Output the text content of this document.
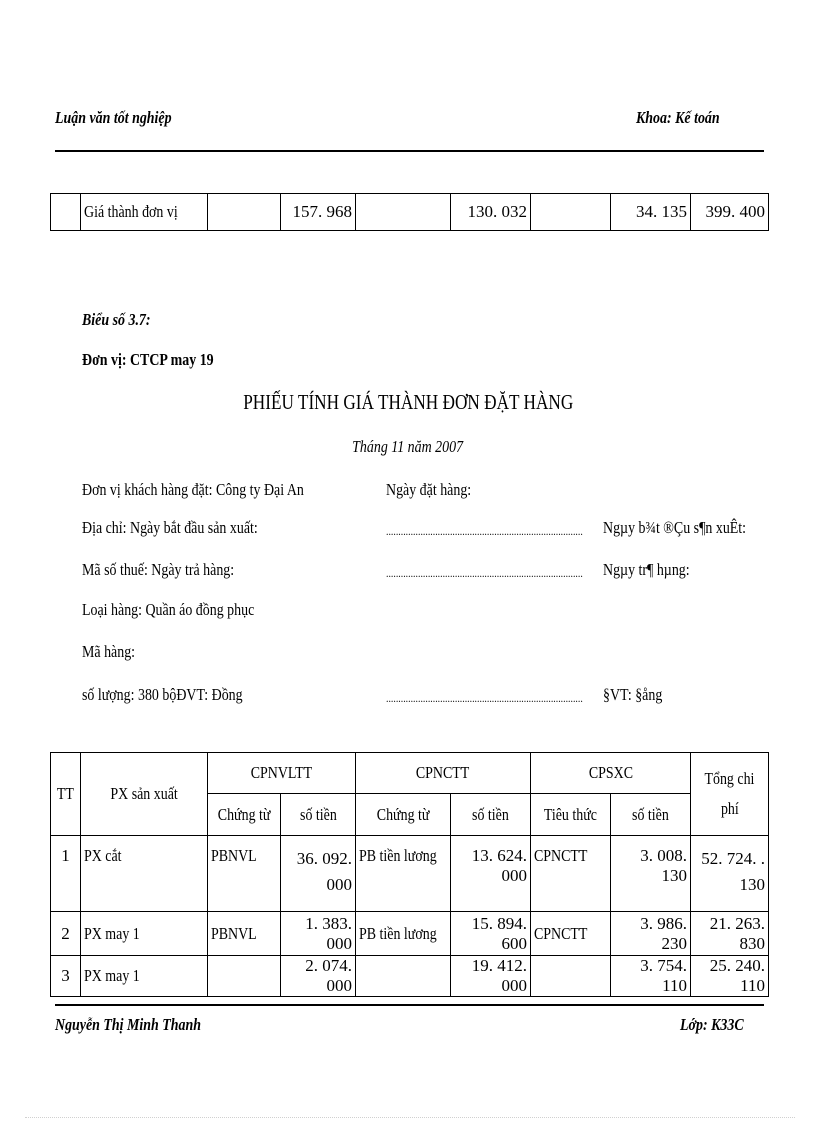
Luận văn tốt nghiệp	Khoa: Kế toán
	Giá thành đơn vị		157. 968		130. 032		34. 135	399. 400
Biểu số 3.7:
Đơn vị: CTCP may 19
PHIẾU TÍNH GIÁ THÀNH ĐƠN ĐẶT HÀNG
Tháng 11 năm 2007
Đơn vị khách hàng đặt: Công ty Đại An	Ngày đặt hàng:
Địa chỉ: Ngày bắt đầu sản xuất:	................................................................................	Ngµy b¾t ®Çu s¶n xuÊt:
Mã số thuế: Ngày trả hàng:	................................................................................	Ngµy tr¶ hµng:
Loại hàng: Quần áo đồng phục
Mã hàng:
số lượng: 380 bộĐVT: Đồng	................................................................................	§VT: §ång
TT	PX sản xuất	CPNVLTT		CPNCTT		CPSXC		Tổng chi
phí
		Chứng từ	số tiền	Chứng từ	số tiền	Tiêu thức	số tiền	
1	PX cắt	PBNVL	36. 092.
000	PB tiền lương	13. 624. 000	CPNCTT	3. 008. 130	52. 724. .
130
2	PX may 1	PBNVL	1. 383. 000	PB tiền lương	15. 894. 600	CPNCTT	3. 986. 230	21. 263. 830
3	PX may 1		2. 074. 000		19. 412. 000		3. 754. 110	25. 240. 110
Nguyễn Thị Minh Thanh	Lớp: K33C
